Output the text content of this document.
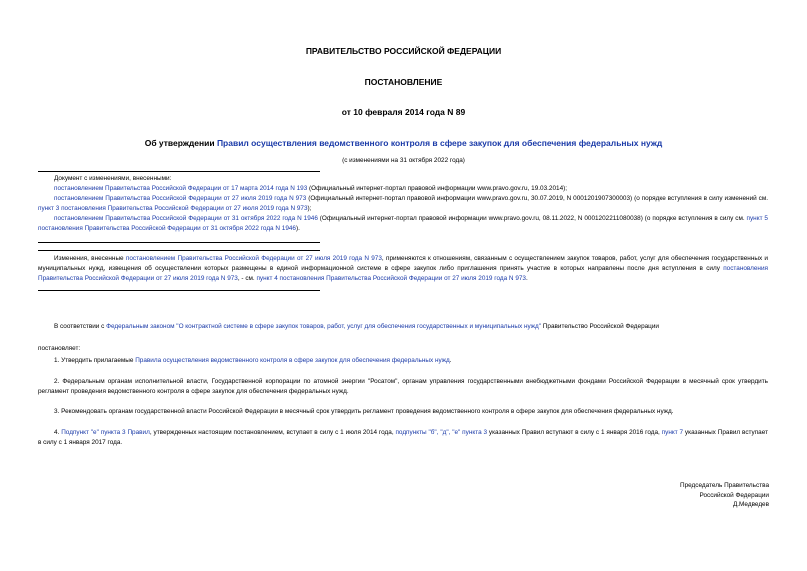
ПРАВИТЕЛЬСТВО РОССИЙСКОЙ ФЕДЕРАЦИИ
ПОСТАНОВЛЕНИЕ
от 10 февраля 2014 года N 89
Об утверждении Правил осуществления ведомственного контроля в сфере закупок для обеспечения федеральных нужд
(с изменениями на 31 октября 2022 года)

Документ с изменениями, внесенными:

постановлением Правительства Российской Федерации от 17 марта 2014 года N 193 (Официальный интернет-портал правовой информации www.pravo.gov.ru, 19.03.2014);

постановлением Правительства Российской Федерации от 27 июля 2019 года N 973 (Официальный интернет-портал правовой информации www.pravo.gov.ru, 30.07.2019, N 0001201907300003) (о порядке вступления в силу изменений см. пункт 3 постановления Правительства Российской Федерации от 27 июля 2019 года N 973);

постановлением Правительства Российской Федерации от 31 октября 2022 года N 1946 (Официальный интернет-портал правовой информации www.pravo.gov.ru, 08.11.2022, N 0001202211080038) (о порядке вступления в силу см. пункт 5 постановления Правительства Российской Федерации от 31 октября 2022 года N 1946).

Изменения, внесенные постановлением Правительства Российской Федерации от 27 июля 2019 года N 973, применяются к отношениям, связанным с осуществлением закупок товаров, работ, услуг для обеспечения государственных и муниципальных нужд, извещения об осуществлении которых размещены в единой информационной системе в сфере закупок либо приглашения принять участие в которых направлены после дня вступления в силу постановления Правительства Российской Федерации от 27 июля 2019 года N 973, - см. пункт 4 постановления Правительства Российской Федерации от 27 июля 2019 года N 973.

В соответствии с Федеральным законом "О контрактной системе в сфере закупок товаров, работ, услуг для обеспечения государственных и муниципальных нужд" Правительство Российской Федерации

постановляет:

1. Утвердить прилагаемые Правила осуществления ведомственного контроля в сфере закупок для обеспечения федеральных нужд.

2. Федеральным органам исполнительной власти, Государственной корпорации по атомной энергии "Росатом", органам управления государственными внебюджетными фондами Российской Федерации в месячный срок утвердить регламент проведения ведомственного контроля в сфере закупок для обеспечения федеральных нужд.

3. Рекомендовать органам государственной власти Российской Федерации в месячный срок утвердить регламент проведения ведомственного контроля в сфере закупок для обеспечения федеральных нужд.

4. Подпункт "е" пункта 3 Правил, утвержденных настоящим постановлением, вступает в силу с 1 июля 2014 года, подпункты "б", "д", "е" пункта 3 указанных Правил вступают в силу с 1 января 2016 года, пункт 7 указанных Правил вступает в силу с 1 января 2017 года.

Председатель Правительства
Российской Федерации
Д.Медведев
